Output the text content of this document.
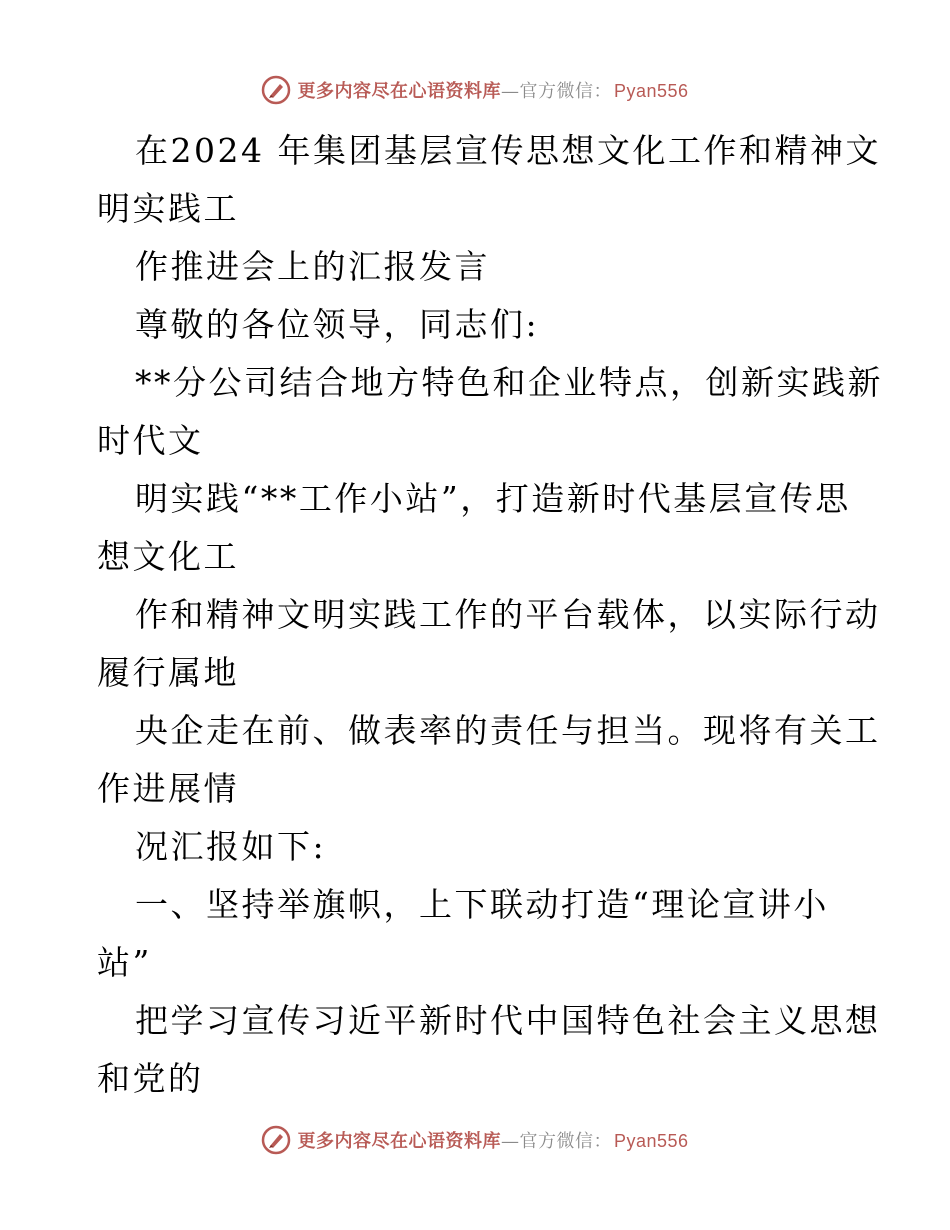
更多内容尽在心语资料库—官方微信： Pyan556
在2024 年集团基层宣传思想文化工作和精神文
明实践工
作推进会上的汇报发言
尊敬的各位领导，同志们:
**分公司结合地方特色和企业特点，创新实践新
时代文
明实践“**工作小站”，打造新时代基层宣传思
想文化工
作和精神文明实践工作的平台载体，以实际行动
履行属地
央企走在前、做表率的责任与担当。现将有关工
作进展情
况汇报如下:
一、坚持举旗帜，上下联动打造“理论宣讲小
站”
把学习宣传习近平新时代中国特色社会主义思想
和党的
更多内容尽在心语资料库—官方微信： Pyan556
